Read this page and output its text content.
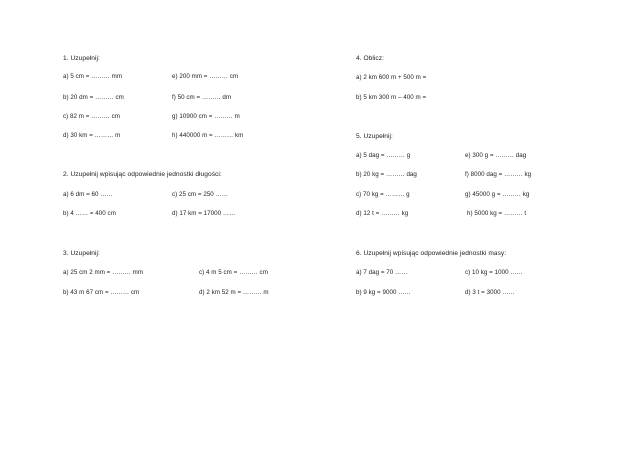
1. Uzupełnij:
a) 5 cm = ……… mm	e) 200 mm = ……… cm
b) 20 dm = ……… cm	f) 50 cm = ……… dm
c) 82 m = ……… cm	g) 10900 cm = ……… m
d) 30 km = ……… m	h) 440000 m = ……… km
2. Uzupełnij wpisując odpowiednie jednostki długości:
a) 6 dm = 60 ……	c) 25 cm = 250 ……
b) 4 …… = 400 cm	d) 17 km = 17000 ……
3. Uzupełnij:
a) 25 cm 2 mm = ……… mm	c) 4 m 5 cm = ……… cm
b) 43 m 67 cm = ……… cm	d) 2 km 52 m = ……… m
4. Oblicz:
a) 2 km 600 m + 500 m =
b) 5 km 300 m – 400 m =
5. Uzupełnij:
a) 5 dag = ……… g	e) 300 g = ……… dag
b) 20 kg = ……… dag	f) 8000 dag = ……… kg
c) 70 kg = ……… g	g) 45000 g = ……… kg
d) 12 t = ……… kg	h) 5000 kg = ……… t
6. Uzupełnij wpisując odpowiednie jednostki masy:
a) 7 dag = 70 ……	c) 10 kg = 1000 ……
b) 9 kg = 9000 ……	d) 3 t = 3000 ……
